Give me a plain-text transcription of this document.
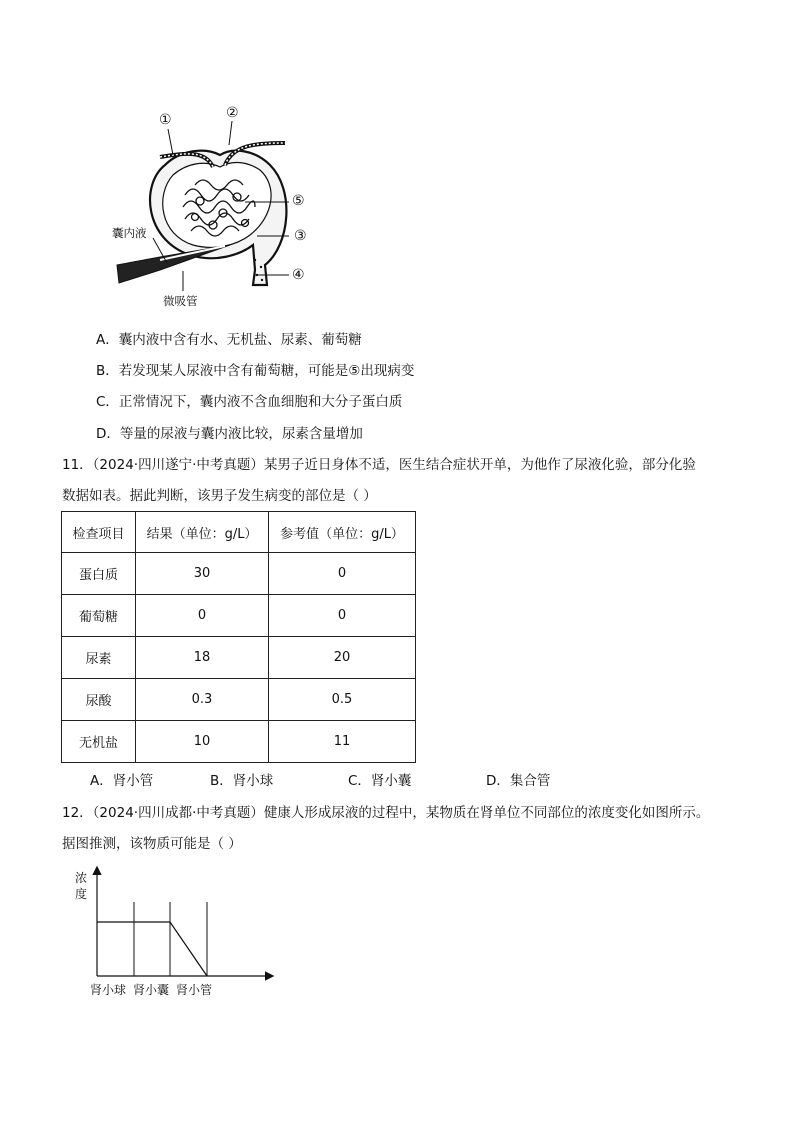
①	②
⑤
③
④
囊内液
微吸管
A．囊内液中含有水、无机盐、尿素、葡萄糖
B．若发现某人尿液中含有葡萄糖，可能是⑤出现病变
C．正常情况下，囊内液不含血细胞和大分子蛋白质
D．等量的尿液与囊内液比较，尿素含量增加
11．（2024·四川遂宁·中考真题）某男子近日身体不适，医生结合症状开单，为他作了尿液化验，部分化验
数据如表。据此判断，该男子发生病变的部位是（ ）
检查项目	结果（单位：g/L）	参考值（单位：g/L）
蛋白质	30	0
葡萄糖	0	0
尿素	18	20
尿酸	0.3	0.5
无机盐	10	11
A．肾小管	B．肾小球	C．肾小囊	D．集合管
12．（2024·四川成都·中考真题）健康人形成尿液的过程中，某物质在肾单位不同部位的浓度变化如图所示。
据图推测，该物质可能是（ ）
浓
度
肾小球 肾小囊 肾小管
